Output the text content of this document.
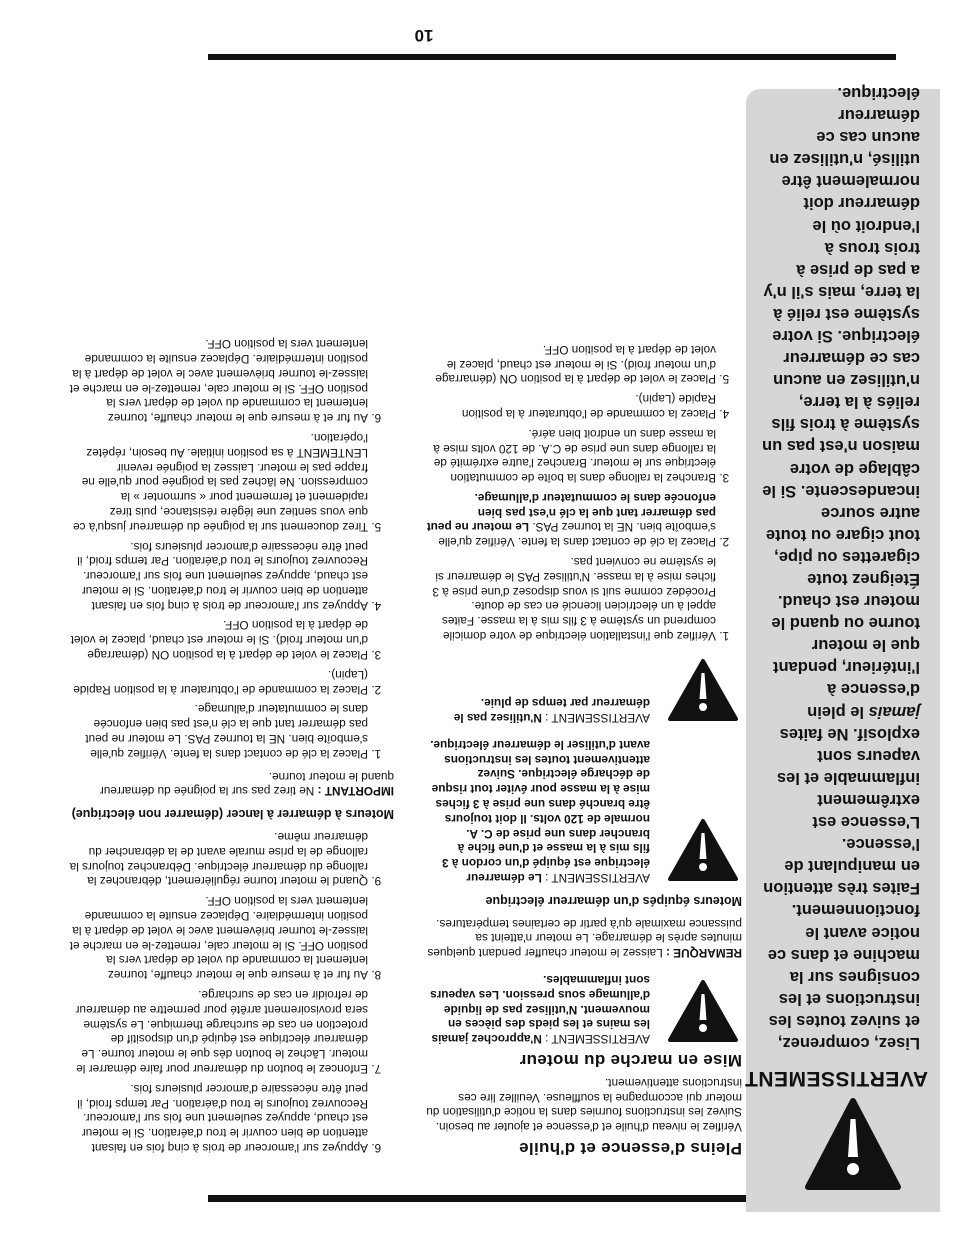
10
AVERTISSEMENT
Lisez, comprenez, et suivez toutes les instructions et les consignes sur la machine et dans ce notice avant le fonctionnement. Faites très attention en manipulant de l'essence. L'essence est extrêmement inflammable et les vapeurs sont explosif. Ne faites jamais le plein d'essence à l'intérieur, pendant que le moteur tourne ou quand le moteur est chaud. Éteignez toute cigarettes ou pipe, tout cigare ou toute autre source incandescente. Si le câblage de votre maison n'est pas un système à trois fils reliés à la terre, n'utilisez en aucun cas ce démarreur électrique. Si votre système est relié à la terre, mais s'il n'y a pas de prise à trois trous à l'endroit où le démarreur doit normalement être utilisé, n'utilisez en aucun cas ce démarreur électrique.
Pleins d'essence et d'huile

Vérifiez le niveau d'huile et d'essence et ajouter au besoin. Suivez les instructions fournies dans la notice d'utilisation du moteur qui accompagne la souffleuse. Veuillez lire ces instructions attentivement.

Mise en marche du moteur
AVERTISSEMENT : N'approchez jamais les mains et les pieds des pièces en mouvement. N'utilisez pas de liquide d'allumage sous pression. Les vapeurs sont inflammables.

REMARQUE : Laissez le moteur chauffer pendant quelques minutes après le démarrage. Le moteur n'atteint sa puissance maximale qu'à partir de certaines températures.

Moteurs équipés d'un démarreur électrique
AVERTISSEMENT : Le démarreur électrique est équipé d'un cordon à 3 fils mis à la masse et d'une fiche à brancher dans une prise de C. A. normale de 120 volts. Il doit toujours être branché dans une prise à 3 fiches mise à la masse pour éviter tout risque de décharge électrique. Suivez attentivement toutes les instructions avant d'utiliser le démarreur électrique.
AVERTISSEMENT : N'utilisez pas le démarreur par temps de pluie.
1. Vérifiez que l'installation électrique de votre domicile comprend un système à 3 fils mis à la masse. Faites appel à un électricien licencié en cas de doute. Procédez comme suit si vous disposez d'une prise à 3 fiches mise à la masse. N'utilisez PAS le démarreur si le système ne convient pas.
2. Placez la clé de contact dans la fente. Vérifiez qu'elle s'emboîte bien. NE la tournez PAS. Le moteur ne peut pas démarrer tant que la clé n'est pas bien enfoncée dans le commutateur d'allumage.
3. Branchez la rallonge dans la boîte de commutation électrique sur le moteur. Branchez l'autre extrémité de la rallonge dans une prise de C.A. de 120 volts mise à la masse dans un endroit bien aéré.
4. Placez la commande de l'obturateur à la position Rapide (Lapin).
5. Placez le volet de départ à la position ON (démarrage d'un moteur froid). Si le moteur est chaud, placez le volet de départ à la position OFF.
6. Appuyez sur l'amorceur de trois à cinq fois en faisant attention de bien couvrir le trou d'aération. Si le moteur est chaud, appuyez seulement une fois sur l'amorceur. Recouvrez toujours le trou d'aération. Par temps froid, il peut être nécessaire d'amorcer plusieurs fois.
7. Enfoncez le bouton du démarreur pour faire démarrer le moteur. Lâchez le bouton dès que le moteur tourne. Le démarreur électrique est équipé d'un dispositif de protection en cas de surcharge thermique. Le système sera provisoirement arrêté pour permettre au démarreur de refroidir en cas de surcharge.
8. Au fur et à mesure que le moteur chauffe, tournez lentement la commande du volet de départ vers la position OFF. Si le moteur cale, remettez-le en marche et laissez-le tourner brièvement avec le volet de départ à la position intermédiaire. Déplacez ensuite la commande lentement vers la position OFF.
9. Quand le moteur tourne régulièrement, débranchez la rallonge du démarreur électrique. Débranchez toujours la rallonge de la prise murale avant de la débrancher du démarreur même.
Moteurs à démarrer à lancer (démarrer non électrique)

IMPORTANT : Ne tirez pas sur la poignée du démarreur quand le moteur tourne.

1. Placez la clé de contact dans la fente. Vérifiez qu'elle s'emboîte bien. NE la tournez PAS. Le moteur ne peut pas démarrer tant que la clé n'est pas bien enfoncée dans le commutateur d'allumage.
2. Placez la commande de l'obturateur à la position Rapide (Lapin).
3. Placez le volet de départ à la position ON (démarrage d'un moteur froid). Si le moteur est chaud, placez le volet de départ à la position OFF.
4. Appuyez sur l'amorceur de trois à cinq fois en faisant attention de bien couvrir le trou d'aération. Si le moteur est chaud, appuyez seulement une fois sur l'amorceur. Recouvrez toujours le trou d'aération. Par temps froid, il peut être nécessaire d'amorcer plusieurs fois.
5. Tirez doucement sur la poignée du démarreur jusqu'à ce que vous sentiez une légère résistance, puis tirez rapidement et fermement pour « surmonter » la compression. Ne lâchez pas la poignée pour qu'elle ne frappe pas le moteur. Laissez la poignée revenir LENTEMENT à sa position initiale. Au besoin, répétez l'opération.
6. Au fur et à mesure que le moteur chauffe, tournez lentement la commande du volet de départ vers la position OFF. Si le moteur cale, remettez-le en marche et laissez-le tourner brièvement avec le volet de départ à la position intermédiaire. Déplacez ensuite la commande lentement vers la position OFF.
